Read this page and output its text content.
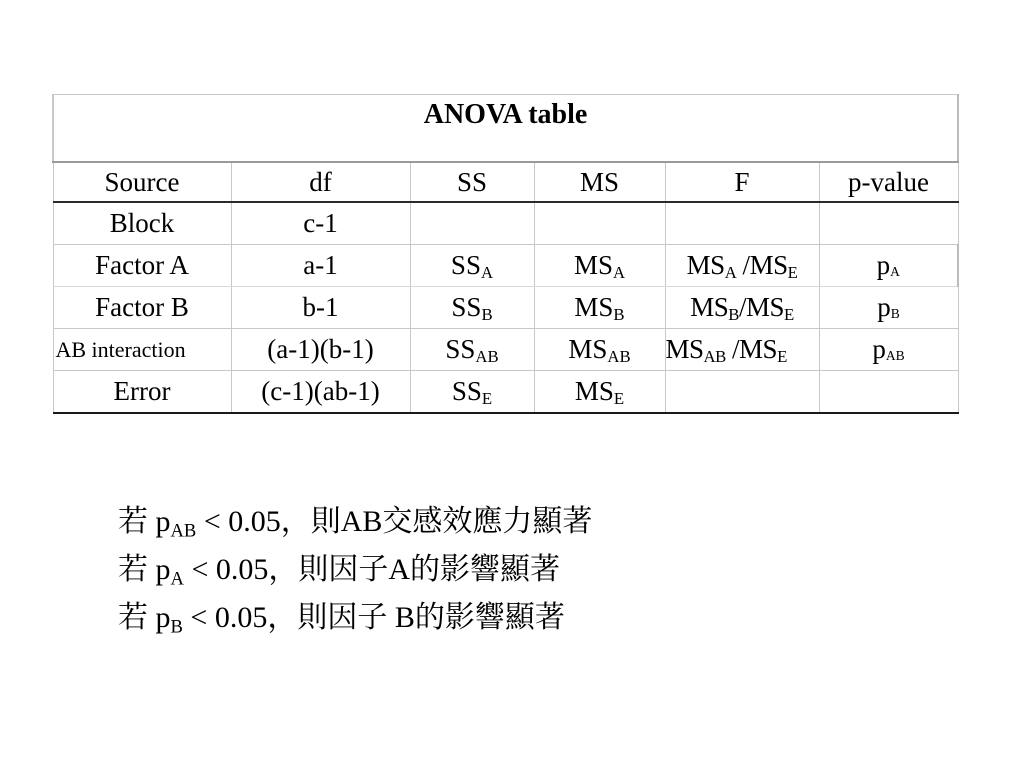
ANOVA table					
Source	df	SS	MS	F	p-value
Block	c-1				
Factor A	a-1	$SS_A$	$MS_A$	$MS_A$ $/MS_E$	$p_A$
Factor B	b-1	$SS_B$	$MS_B$	$MS_B/MS_E$	$p_B$
AB interaction	(a-1)(b-1)	$SS_{AB}$	$MS_{AB}$	$MS_{AB}$ $/MS_E$	$p_{AB}$
Error	(c-1)(ab-1)	$SS_E$	$MS_E$		
若 $p_{AB} < 0.05$，則AB交感效應力顯著
若 $p_A < 0.05$，則因子A的影響顯著
若 $p_B < 0.05$，則因子 B的影響顯著
